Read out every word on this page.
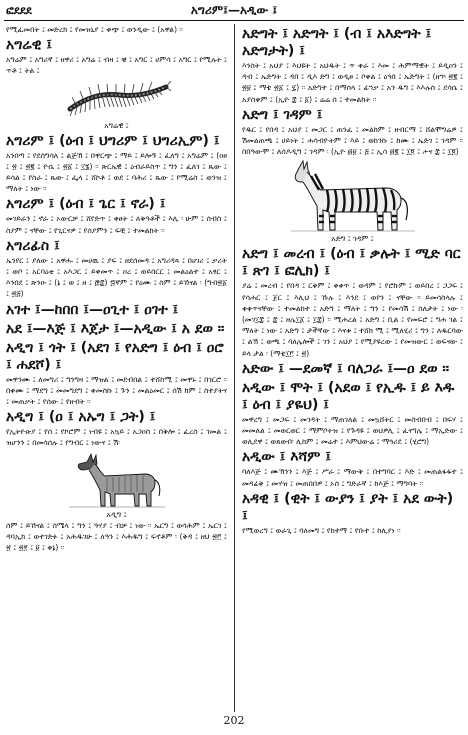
ፎደደደ	አግሪም፤—አዲው ፤
የሚፈመበት ፤ መድረክ ፤ የመዝኒያ ፤ ቀጭ ፤ ወንዲው ፤ (አዋል) ፡፡
አግሬዊ ፤
አግሬም ፤ አግሪኛ ፤ ዘዋሪ ፤ አግሬ ፤ ብዛ ፤ ቼ ፤ አግር ፤ ሀምሳ ፤ አግር ፤ የሚሉት ፤ ጥቶ ፤ ትል ፤
አግሬዊ ፤
አግሪም ፤ (ዕብ ፤ ህግሪም ፤ ህግሪኢም) ፤
አንበጣ ፤ የደስግሳለ ፤ ልጅኽ ፤ በዋርጭ ፤ ማይ ፤ ይሎኝ ፤ ፈለግ ፤ አግሬም ፤ (ዐፀ ፤ ፳ ፤ ፳፪ ፤ ዮሴ ፤ ፳፩ ፤ ፲፮) ፡፡ ጽርኤዊ ፤ ዕብራይስጥ ፤ ግን ፤ ፈለገ ፤ ጼው ፤ ይሳል ፤ የስራ ፤ ጼው ፤ ፌላ ፤ ሸኮቶ ፤ ወደ ፤ ባሕሪ ፤ ጼው ፤ የሚሬስ ፤ ወንዝ ፤ ማለት ፤ ነው ፡፡
አግሪም ፤ (ዕብ ፤ ጌር ፤ ኖራ) ፤
መገይራን ፤ ኖራ ፤ ኦውርቻ ፤ ሸየድጥ ፤ ቀፀት ፤ ለቅዓቶች ፤ እሊ ፡ ሁም ፤ ሰብስ ፤ ስያም ፤ ናቸው ፤ የጊርናዎ ፤ የሰያምን ፤ ፍቺ ፤ ተመልከት ፡፡
አግሪፊስ ፤
ኤንየር ፤ ያለው ፤ አዋሑ ፤ መሀዉ ፤ ያፍ ፤ ዘደሰመዳ ፤ አግሪዳጻ ፤ በሀገሪ ፤ ቃሪት ፤ ወቦ ፤ አርባዕቲ ፤ አእጋር ፤ ይቀመጥ ፤ ዐረ ፤ ወይበርር ፤ መልዕልተ ፤ አፃር ፤ እንበደ ፤ ጽንዑ ፤ (ኔ ፤ ወ ፤ ዘ ፤ ፸፰) ፷ኛም ፤ የዕሙ ፤ ስም ፤ ይኸናል ፡ (ግብ፳፩ ፤ ፳፭)
አገተ ፤—ከበበ ፤—ዐጊተ ፤ ዐገተ ፤
አደ ፤—እጅ ፤ እጀታ ፤—አዲው ፤ አ ደወ ፡፡
አዲግ ፤ ጎት ፤ (አደገ ፤ የአድግ ፤ ዕብ ፤ ዐሮ ፤ ሐደሾ) ፤
መዋንሙ ፤ ለመግሪ ፤ ግንግዛ ፤ ማዝል ፤ መደብበል ፤ ተሸከሚ ፤ መዋኑ ፤ በገርሮ ፡፡ በቀሙ ፤ ማደግ ፤ መመግደግ ፤ ቀመስኩ ፤ ጉን ፤ መልዕመር ፤ ሰሽ ክም ፤ ስተያትና ፤ መጠቃት ፤ የሰው ፤ የዘብት ፡፡
አዲግ ፤ (ዐ ፤ አኡግ ፤ ጋት) ፤
የኢትዮጵያ ፤ የሰ ፤ የኮሮም ፤ ነብዩ ፤ አኳይ ፤ አጋዐስ ፤ በቅሎ ፤ ፈረስ ፤ ገመል ፤ ዝሆንን ፤ በመሳሰሉ ፤ የግብር ፤ ነውና ፤ ሽ፡
አዲግ ፤
ሰም ፤ ይኸናል ፤ ስሜላ ፤ ግን ፤ ዓሃያ ፤ ብቻ ፤ ነው ፡፡ ኤርግ ፤ ወሳሕም ፤ ኤርገ ፤ ዳባኢክ ፤ ወተገድፉ ፤ አሕዱገሁ ፤ ለዓን ፤ እሕዱግ ፤ ፍኖቶም ፡ (ቅዳ ፤ ዘህ ፳፫ ፤ ፳ ፤ ፳፻ ፤ ፱ ፤ ቀኔ) ፡፡
አድግት ፤ አድግት ፤ (ብ ፤ አእድግት ፤ አድግታት) ፤
እንስት ፤ አህያ ፤ እህዩት ፤ አህዱት ፤ ጥ ቀራ ፤ እመ ፤ ሕምማዊት ፤ ይዲዐን ፤ ዳብ ፤ ኤድግት ፤ ዳበ ፤ ዲእ ድግ ፤ ወዲፀ ፤ ቦቀል ፤ ዕጓበ ፤ ኤድግት ፤ (ዘኍ ፳፪ ፤ ፳፱ ፤ ማቴ ፳፩ ፤ ፯) ፡፡ አድግተ ፤ በማሰላ ፤ ፊኀቃ ፤ አን ዱግ ፤ እእሉስ ፤ ደሳሴ ፤ አያስቀም ፤ (ኢዮ ፰ ፤ ፩) ፤ ሬሬ ስ ፤ ተመልከት ፡፡
አድግ ፤ ገዳም ፤
የዱር ፤ የበዳ ፤ አህያ ፤ መጋር ፤ ጠንፈ ፤ መልክም ፤ ዘብርማ ፤ ሸልሞግሬዎ ፤ ሽመልጠጫ ፤ ሀይነት ፤ ሐሳብዮትም ፤ እይ ፤ ወከንኩ ፤ ከሙ ፤ ኤድገ ፤ ገዳም ፡፡ በበዓውሞ ፤ ለሰዶዲግ ፤ ገዳም ፡ (ኢዮ ፴፱ ፤ ፭ ፤ ኢሳ ፴፪ ፤ ፲፬ ፤ ሖና ፰ ፤ ፲፬)
አድግ ፤ ገዳም ፤
አድግ ፤ መረብ ፤ (ዕብ ፤ ቃሉት ፤ ሚድ ባር ፤ ጽገ ፤ ፎሊክ) ፤
ያሬ ፤ መረብ ፤ የበዳ ፤ ርቅም ፤ ቀቀጥ ፤ ወዳም ፤ የሮኩም ፤ ወይበረ ፤ ጋጋፍ ፤ የሳሐር ፤ ጀር ፤ እሊህ ፤ ኹሉ ፤ እንደ ፤ ወየን ፤ ናቸው ፡፡ ይመሳስላሉ ፤ ቀቀጥናቸው ፤ ተመልከተ ፤ አድግ ፤ ማለት ፤ ግን ፤ የመሳሽ ፤ ስለታት ፤ ነው ፡ (መገ፲፰ ፤ ፰ ፤ ዘሌ፲፩ ፤ ፲፰) ፡፡ ሚሐረል ፤ አድግ ፤ ቢል ፤ የመፍሮ ፤ ግሐ ገል ፤ ማለት ፤ ነው ፤ አድግ ፤ ታችኛው ፤ እናቱ ፤ ተሸክ ሚ ፤ ሚለሂሪ ፤ ግን ፤ ለዱርባው ፤ ልኽ ፤ ወጫ ፤ ባለሌሎች ፤ ገን ፤ አህያ ፤ የሚያዩረው ፤ የመዝውር ፤ ወፍናው ፤ ይላ ታል ፡ (ማቴ፲፫ ፤ ፳)
አድው ፤ —ደመኛ ፤ ባለጋራ ፤—ዐ ደወ ፡፡
አዲው ፤ ሞት ፤ (አደወ ፤ የኢዱ ፤ ይ እዱ ፤ ዕብ ፤ ያዬህ) ፤
መዋረግ ፤ መጋፍ ፤ መገዳት ፤ ማጠገለል ፤ መኳሸትር ፤ መስብበብ ፤ በፍሃ ፤ መመለል ፤ መወርወር ፤ ማምቦትዝ ፤ የጉዳዩ ፤ ወህዎሊ ፤ ፈናግሌ ፤ ማኢድው ፤ ወሊደዋ ፤ ወጸወብ፡ ሊከም ፤ መሬተ ፤ እምህውሬ ፤ ማጓሪደ ፤ (ሂሮግ)
አዲው ፤ እሻም ፤
ባለእጅ ፤ ሙኽንን ፤ እጅ ፤ ሥራ ፤ ማውቅ ፤ በተግባር ፤ እድ ፤ መጠልፋፋተ ፤ መዳፊቅ ፤ መሃዝ ፤ መጠበበዎ ፤ ኦስ ፤ ግድራኛ ፤ ከእጅ ፤ ማግባት ፡፡
አዳዊ ፤ (ዊት ፤ ውያን ፤ ያት ፤ አደ ውት) ፤
የሚወረግ ፤ ወራጊ ፤ ባለመግ ፤ የከተማ ፤ የቡተ ፤ ከሊያነ ፡፡
202
